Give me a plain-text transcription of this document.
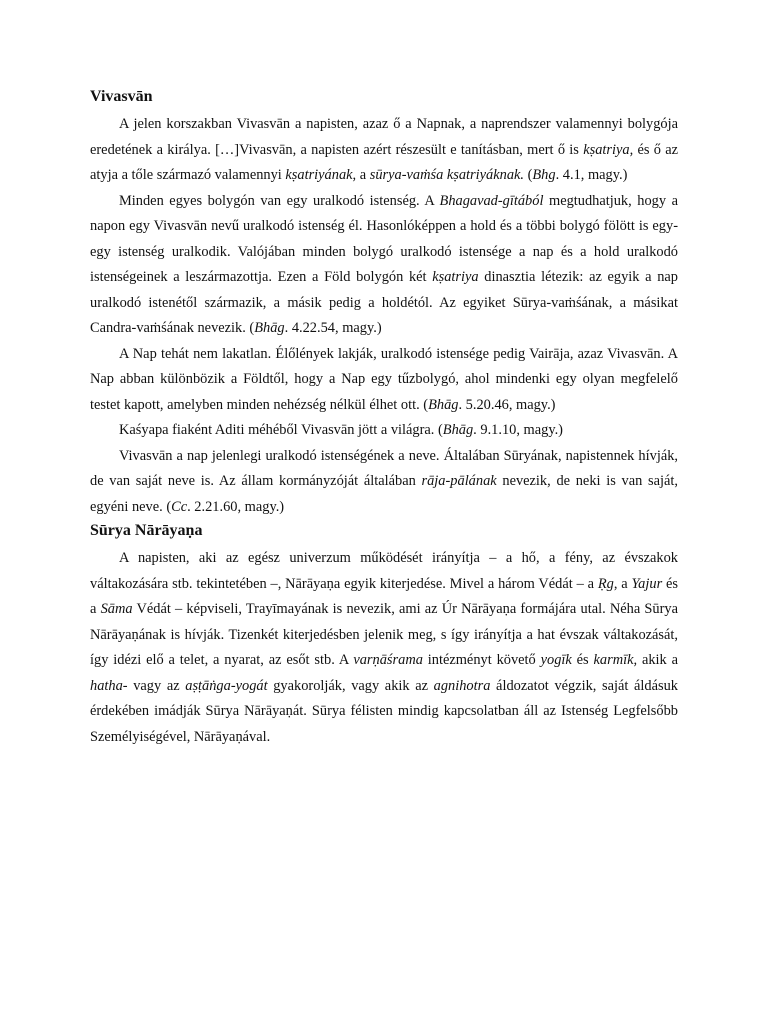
Vivasvān

A jelen korszakban Vivasvān a napisten, azaz ő a Napnak, a naprendszer valamennyi bolygója eredetének a királya. […]Vivasvān, a napisten azért részesült e tanításban, mert ő is kṣatriya, és ő az atyja a tőle származó valamennyi kṣatriyának, a sūrya-vaṁśa kṣatriyáknak. (Bhg. 4.1, magy.)

Minden egyes bolygón van egy uralkodó istenség. A Bhagavad-gītából megtudhatjuk, hogy a napon egy Vivasvān nevű uralkodó istenség él. Hasonlóképpen a hold és a többi bolygó fölött is egy-egy istenség uralkodik. Valójában minden bolygó uralkodó istensége a nap és a hold uralkodó istenségeinek a leszármazottja. Ezen a Föld bolygón két kṣatriya dinasztia létezik: az egyik a nap uralkodó istenétől származik, a másik pedig a holdétól. Az egyiket Sūrya-vaṁśának, a másikat Candra-vaṁśának nevezik. (Bhāg. 4.22.54, magy.)

A Nap tehát nem lakatlan. Élőlények lakják, uralkodó istensége pedig Vairāja, azaz Vivasvān. A Nap abban különbözik a Földtől, hogy a Nap egy tűzbolygó, ahol mindenki egy olyan megfelelő testet kapott, amelyben minden nehézség nélkül élhet ott. (Bhāg. 5.20.46, magy.)

Kaśyapa fiaként Aditi méhéből Vivasvān jött a világra. (Bhāg. 9.1.10, magy.)

Vivasvān a nap jelenlegi uralkodó istenségének a neve. Általában Sūryának, napistennek hívják, de van saját neve is. Az állam kormányzóját általában rāja-pālának nevezik, de neki is van saját, egyéni neve. (Cc. 2.21.60, magy.)

Sūrya Nārāyaṇa

A napisten, aki az egész univerzum működését irányítja – a hő, a fény, az évszakok váltakozására stb. tekintetében –, Nārāyaṇa egyik kiterjedése. Mivel a három Védát – a Ṛg, a Yajur és a Sāma Védát – képviseli, Trayīmayának is nevezik, ami az Úr Nārāyaṇa formájára utal. Néha Sūrya Nārāyaṇának is hívják. Tizenkét kiterjedésben jelenik meg, s így irányítja a hat évszak váltakozását, így idézi elő a telet, a nyarat, az esőt stb. A varṇāśrama intézményt követő yogīk és karmīk, akik a hatha- vagy az aṣṭāṅga-yogát gyakorolják, vagy akik az agnihotra áldozatot végzik, saját áldásuk érdekében imádják Sūrya Nārāyaṇát. Sūrya félisten mindig kapcsolatban áll az Istenség Legfelsőbb Személyiségével, Nārāyaṇával.
